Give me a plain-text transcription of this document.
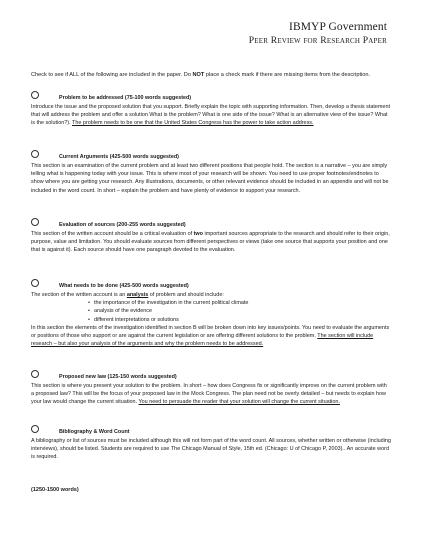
IBMYP Government
Peer Review for Research Paper
Check to see if ALL of the following are included in the paper. Do NOT place a check mark if there are missing items from the description.
Problem to be addressed (75-100 words suggested)

Introduce the issue and the proposed solution that you support. Briefly explain the topic with supporting information. Then, develop a thesis statement that will address the problem and offer a solution What is the problem? What is one side of the issue? What is an alternative view of the issue? What is the solution?). The problem needs to be one that the United States Congress has the power to take action address.

Current Arguments (425-500 words suggested)

This section is an examination of the current problem and at least two different positions that people hold. The section is a narrative – you are simply telling what is happening today with your issue. This is where most of your research will be shown. You need to use proper footnotes/endnotes to show where you are getting your research. Any illustrations, documents, or other relevant evidence should be included in an appendix and will not be included in the word count. In short – explain the problem and have plenty of evidence to support your research.

Evaluation of sources (200-255 words suggested)

This section of the written account should be a critical evaluation of two important sources appropriate to the research and should refer to their origin, purpose, value and limitation. You should evaluate sources from different perspectives or views (take one source that supports your position and one that is against it). Each source should have one paragraph devoted to the evaluation.

What needs to be done (425-500 words suggested)

The section of the written account is an analysis of problem and should include:

• the importance of the investigation in the current political climate
• analysis of the evidence
• different interpretations or solutions

In this section the elements of the investigation identified in section B will be broken down into key issues/points. You need to evaluate the arguments or positions of those who support or are against the current legislation or are offering different solutions to the problem. The section will include research – but also your analysis of the arguments and why the problem needs to be addressed.

Proposed new law (125-150 words suggested)

This section is where you present your solution to the problem. In short – how does Congress fix or significantly improve on the current problem with a proposed law? This will be the focus of your proposed law in the Mock Congress. The plan need not be overly detailed – but needs to explain how your law would change the current situation. You need to persuade the reader that your solution will change the current situation.

Bibliography & Word Count

A bibliography or list of sources must be included although this will not form part of the word count. All sources, whether written or otherwise (including interviews), should be listed. Students are required to use The Chicago Manual of Style, 15th ed. (Chicago: U of Chicago P, 2003).. An accurate word is required.

(1250-1500 words)
